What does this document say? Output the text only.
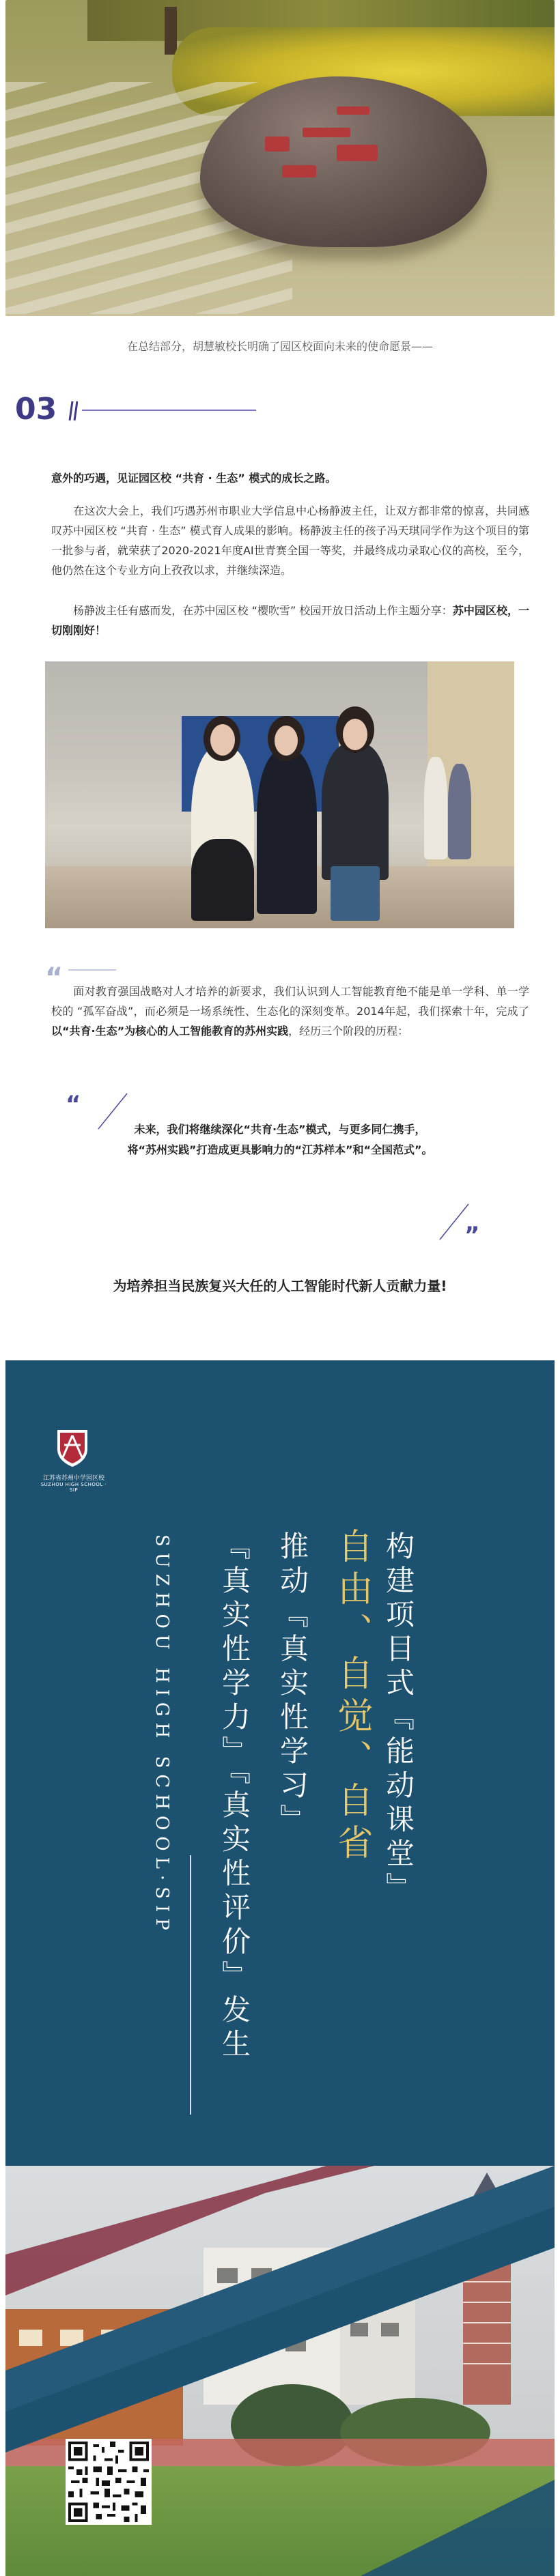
在总结部分，胡慧敏校长明确了园区校面向未来的使命愿景——
03
意外的巧遇，见证园区校 “共育 · 生态” 模式的成长之路。
在这次大会上，我们巧遇苏州市职业大学信息中心杨静波主任，让双方都非常的惊喜，共同感叹苏中园区校 “共育 · 生态” 模式育人成果的影响。杨静波主任的孩子冯天琪同学作为这个项目的第一批参与者，就荣获了2020-2021年度AI世青赛全国一等奖，并最终成功录取心仪的高校，至今，他仍然在这个专业方向上孜孜以求，并继续深造。
杨静波主任有感而发，在苏中园区校 “樱吹雪” 校园开放日活动上作主题分享：苏中园区校，一切刚刚好！
“ 面对教育强国战略对人才培养的新要求，我们认识到人工智能教育绝不能是单一学科、单一学校的 “孤军奋战”，而必须是一场系统性、生态化的深刻变革。2014年起，我们探索十年，完成了以“共育·生态”为核心的人工智能教育的苏州实践，经历三个阶段的历程：
“
未来，我们将继续深化“共育·生态”模式，与更多同仁携手，
将“苏州实践”打造成更具影响力的“江苏样本”和“全国范式”。
”
为培养担当民族复兴大任的人工智能时代新人贡献力量!
江苏省苏州中学园区校
SUZHOU HIGH SCHOOL · SIP
构建项目式『能动课堂』
自由、自觉、自省
推动『真实性学习』
『真实性学力』『真实性评价』发生
SUZHOU HIGH SCHOOL·SIP
